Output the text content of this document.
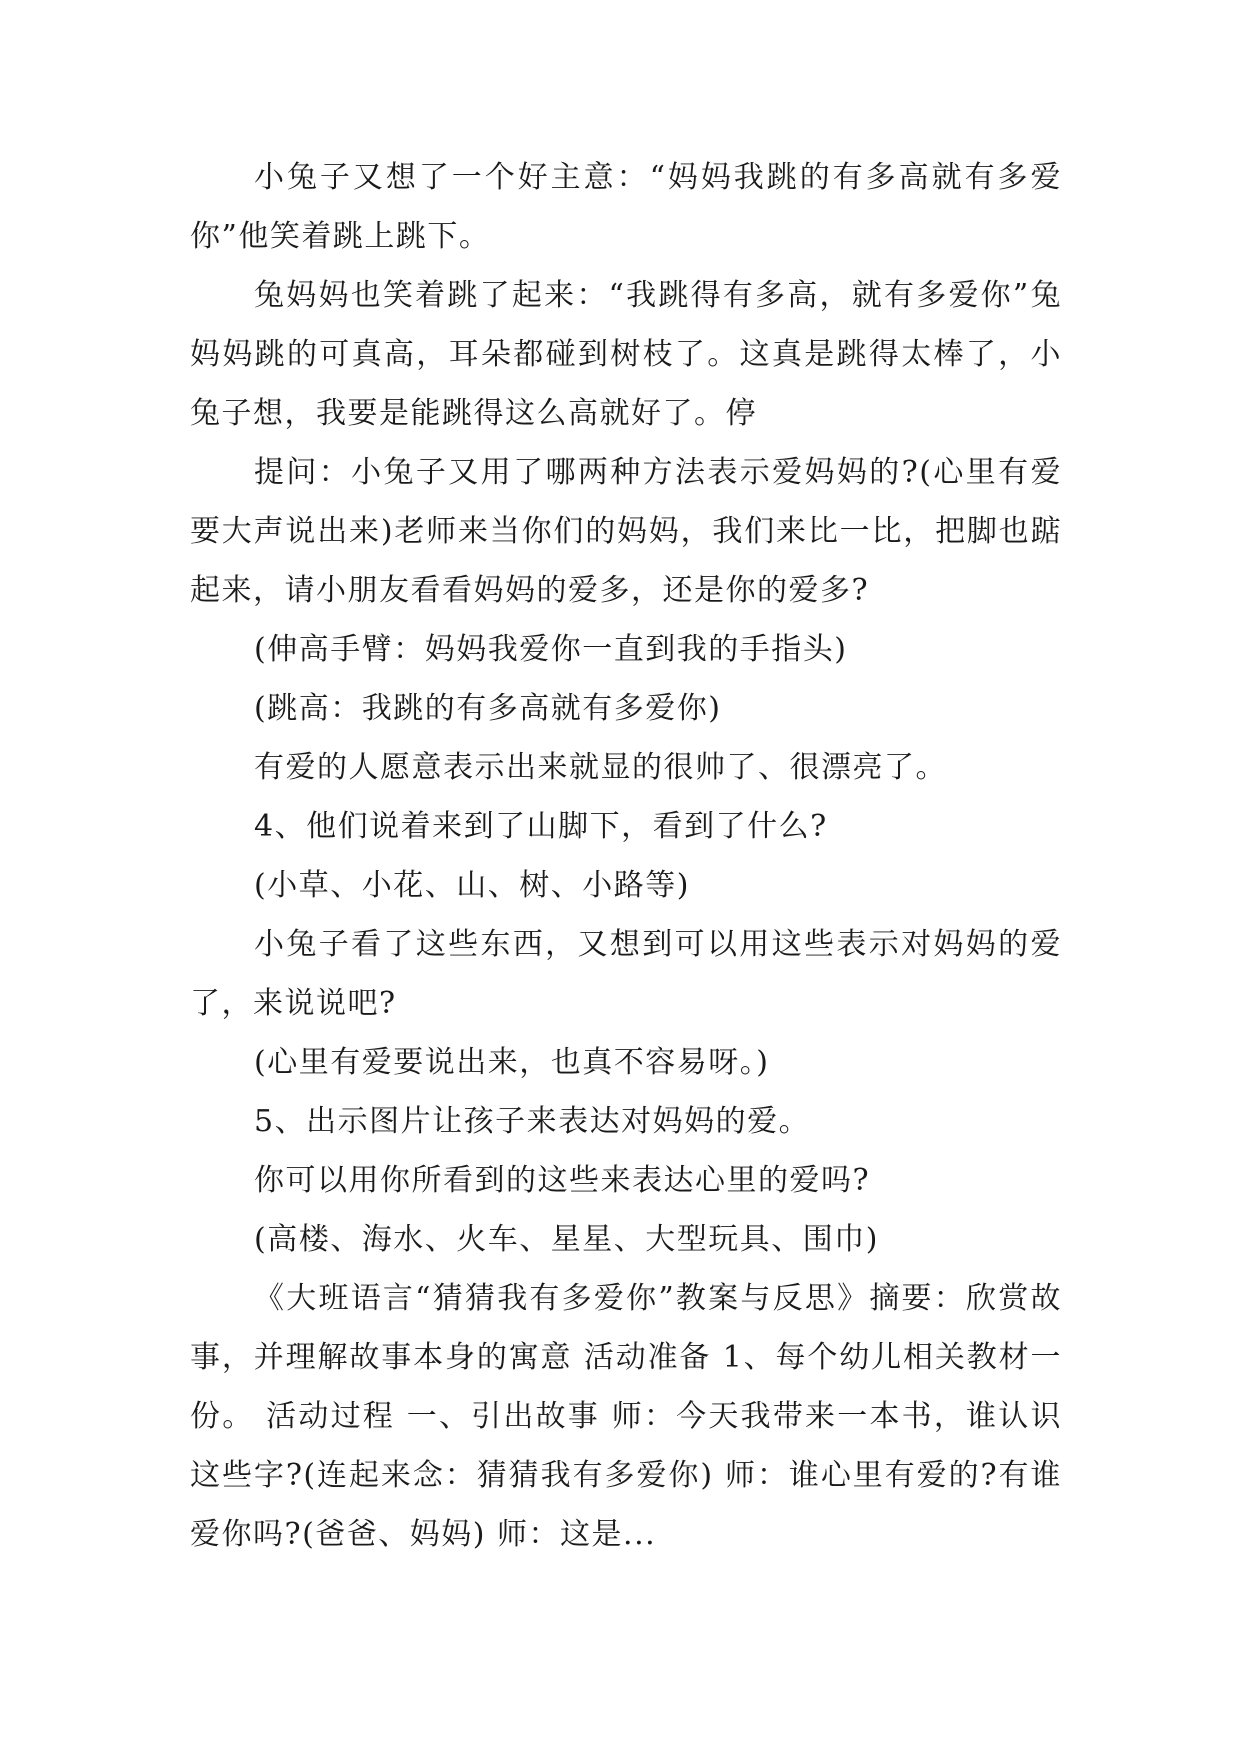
小兔子又想了一个好主意：“妈妈我跳的有多高就有多爱你”他笑着跳上跳下。

兔妈妈也笑着跳了起来：“我跳得有多高，就有多爱你”兔妈妈跳的可真高，耳朵都碰到树枝了。这真是跳得太棒了，小兔子想，我要是能跳得这么高就好了。停

提问：小兔子又用了哪两种方法表示爱妈妈的?(心里有爱要大声说出来)老师来当你们的妈妈，我们来比一比，把脚也踮起来，请小朋友看看妈妈的爱多，还是你的爱多?

(伸高手臂：妈妈我爱你一直到我的手指头)

(跳高：我跳的有多高就有多爱你)

有爱的人愿意表示出来就显的很帅了、很漂亮了。

4、他们说着来到了山脚下，看到了什么?

(小草、小花、山、树、小路等)

小兔子看了这些东西，又想到可以用这些表示对妈妈的爱了，来说说吧?

(心里有爱要说出来，也真不容易呀。)

5、出示图片让孩子来表达对妈妈的爱。

你可以用你所看到的这些来表达心里的爱吗?

(高楼、海水、火车、星星、大型玩具、围巾)

《大班语言“猜猜我有多爱你”教案与反思》摘要：欣赏故事，并理解故事本身的寓意 活动准备 1、每个幼儿相关教材一份。 活动过程 一、引出故事 师：今天我带来一本书，谁认识这些字?(连起来念：猜猜我有多爱你) 师：谁心里有爱的?有谁爱你吗?(爸爸、妈妈) 师：这是...
